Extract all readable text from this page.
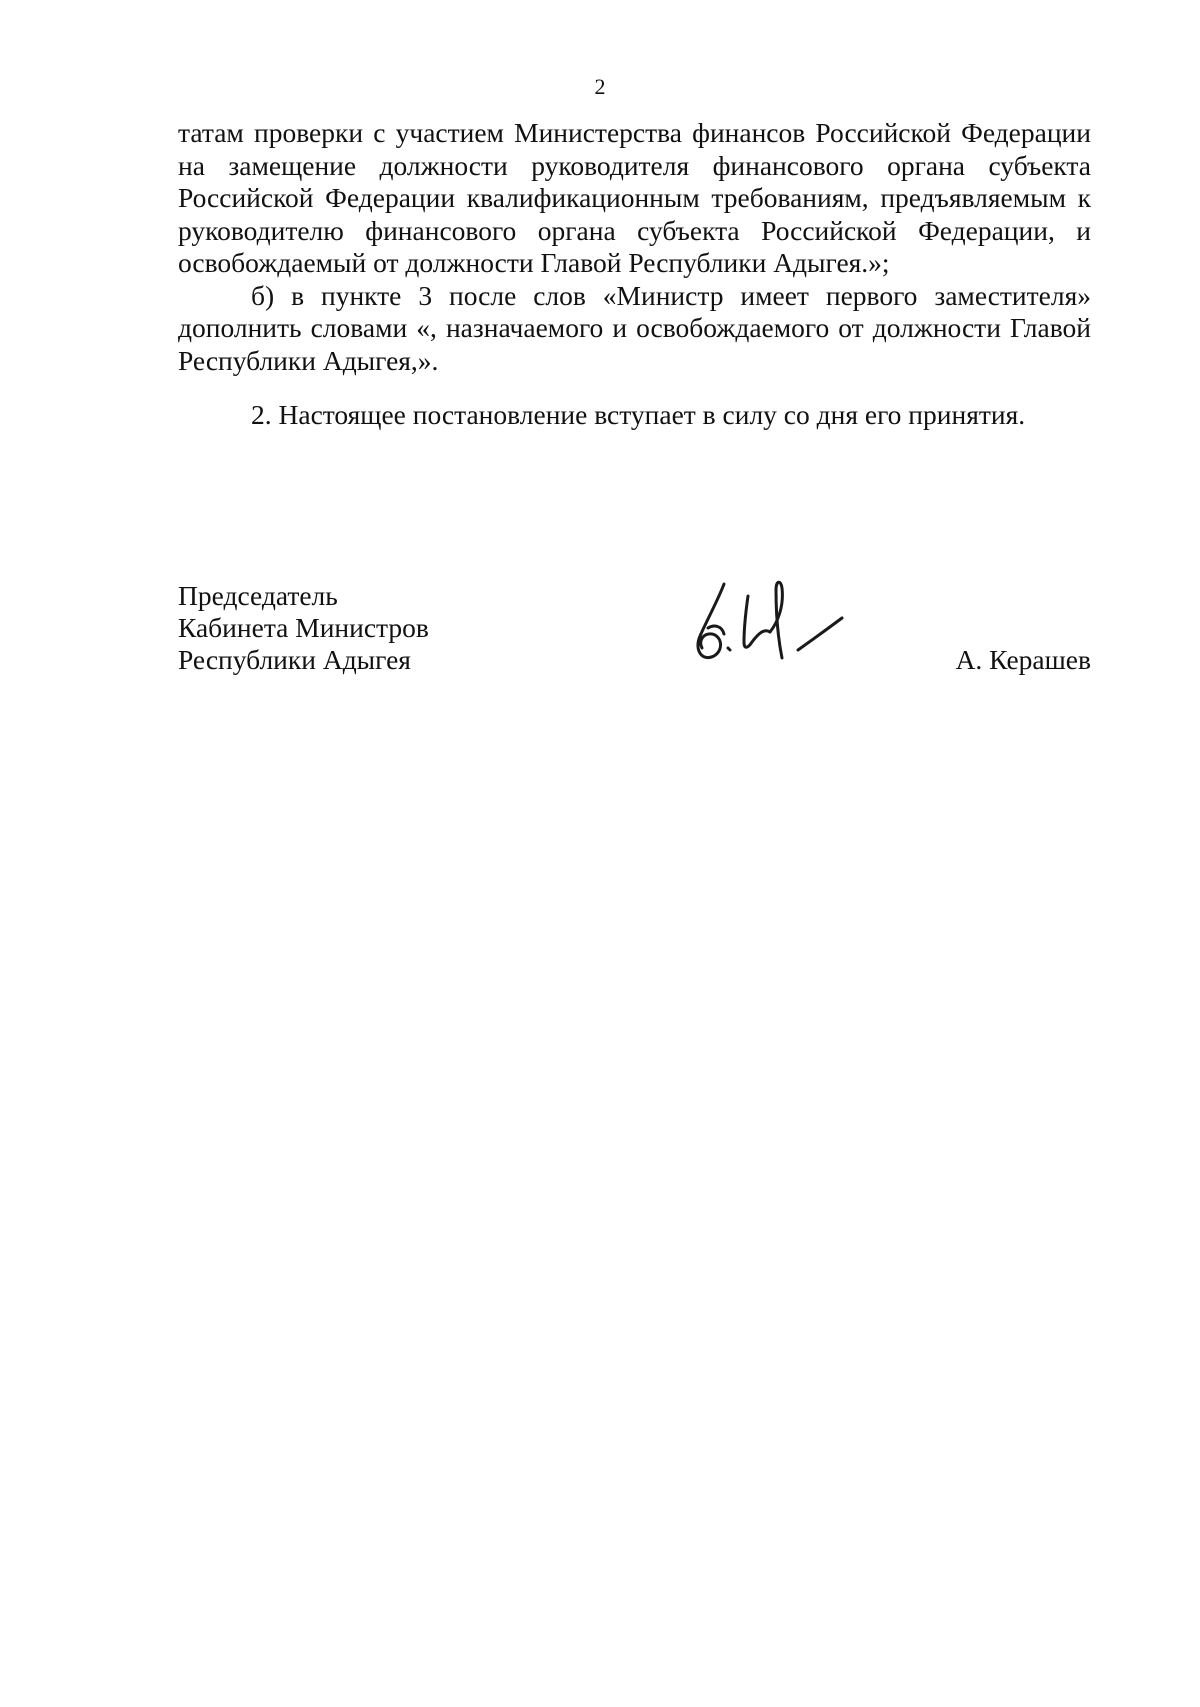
2

татам проверки с участием Министерства финансов Российской Федерации на замещение должности руководителя финансового органа субъекта Российской Федерации квалификационным требованиям, предъявляемым к руководителю финансового органа субъекта Российской Федерации, и освобождаемый от должности Главой Республики Адыгея.»;

б) в пункте 3 после слов «Министр имеет первого заместителя» дополнить словами «, назначаемого и освобождаемого от должности Главой Республики Адыгея,».

2. Настоящее постановление вступает в силу со дня его принятия.

Председатель
Кабинета Министров
Республики Адыгея	А. Керашев
